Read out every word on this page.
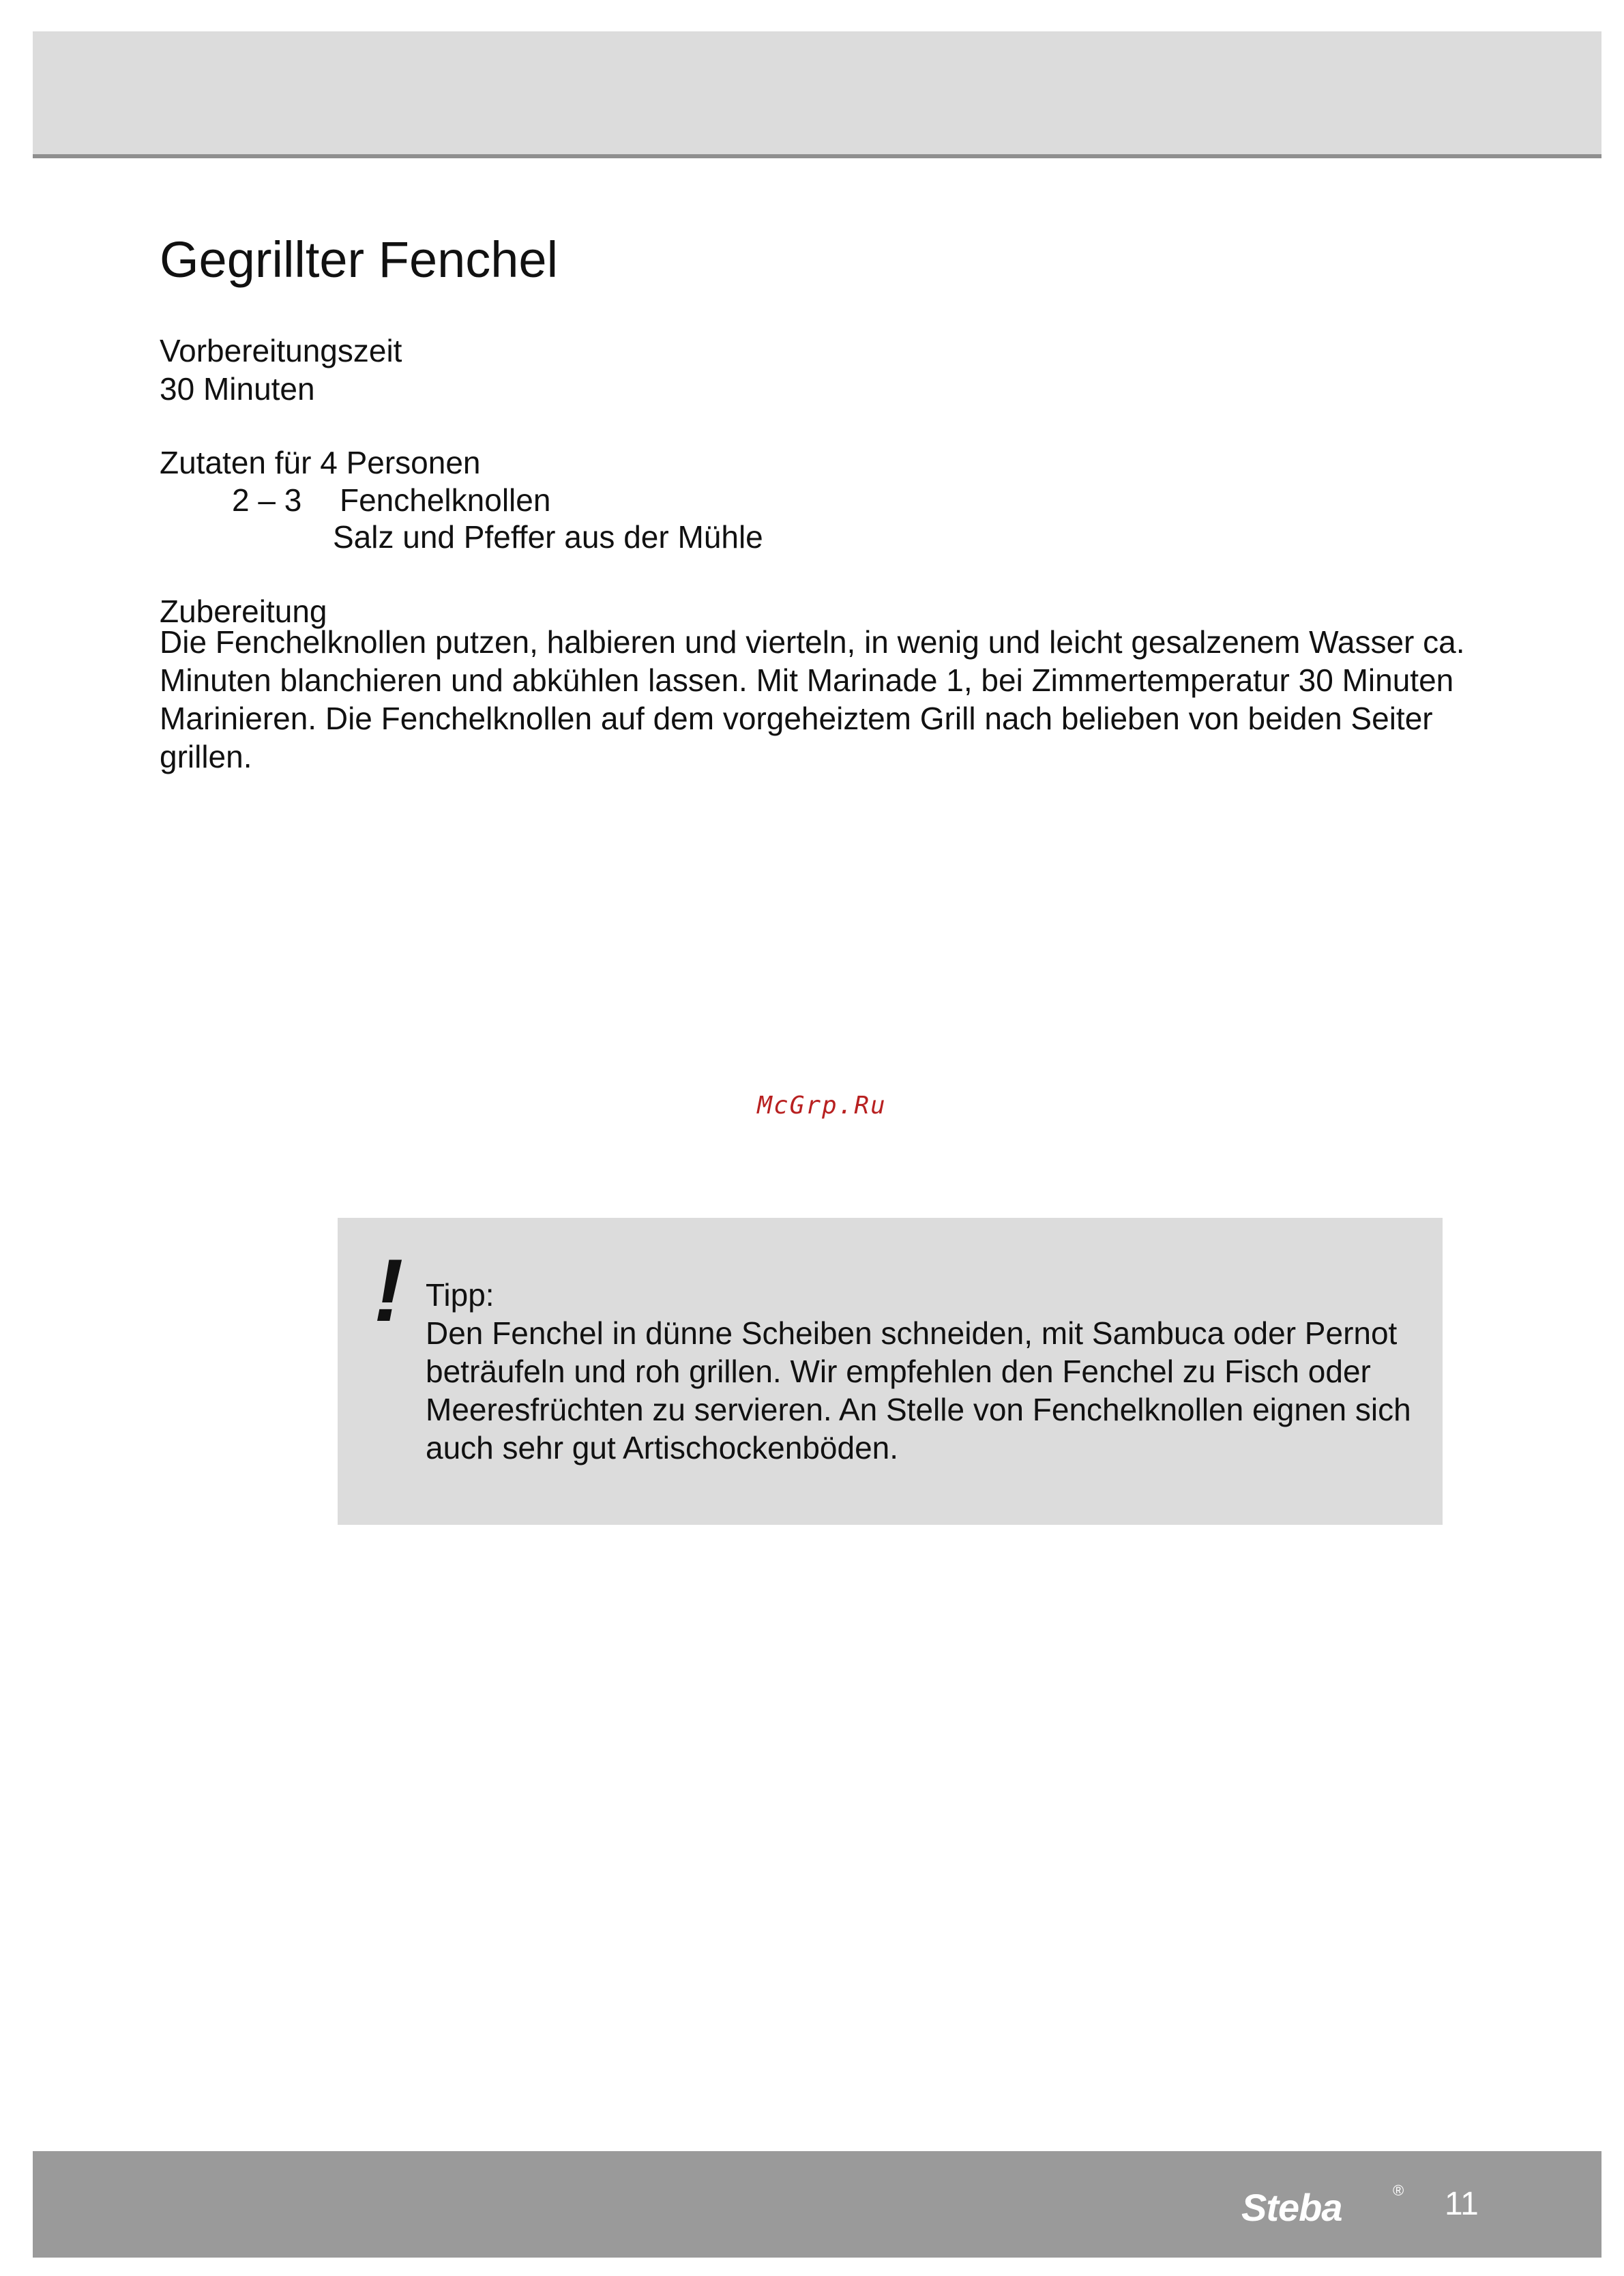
Gegrillter Fenchel
Vorbereitungszeit
30 Minuten
Zutaten für 4 Personen
2 – 3 Fenchelknollen
Salz und Pfeffer aus der Mühle
Zubereitung
Die Fenchelknollen putzen, halbieren und vierteln, in wenig und leicht gesalzenem Wasser ca.
Minuten blanchieren und abkühlen lassen. Mit Marinade 1, bei Zimmertemperatur 30 Minuten
Marinieren. Die Fenchelknollen auf dem vorgeheiztem Grill nach belieben von beiden Seiter
grillen.
McGrp.Ru
! Tipp:
Den Fenchel in dünne Scheiben schneiden, mit Sambuca oder Pernot
beträufeln und roh grillen. Wir empfehlen den Fenchel zu Fisch oder
Meeresfrüchten zu servieren. An Stelle von Fenchelknollen eignen sich
auch sehr gut Artischockenböden.
Steba	® 11
